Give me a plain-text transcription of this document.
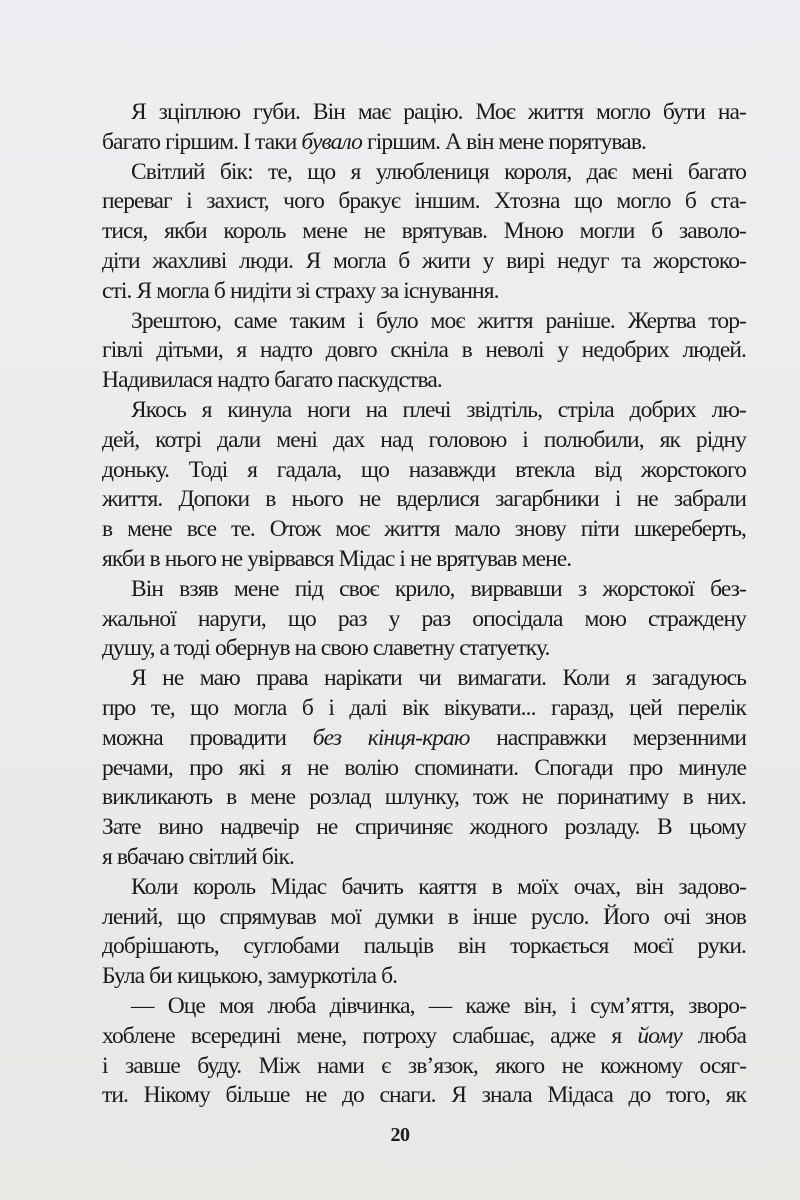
Я зціплюю губи. Він має рацію. Моє життя могло бути на-
багато гіршим. І таки бувало гіршим. А він мене порятував.
Світлий бік: те, що я улюблениця короля, дає мені багато
переваг і захист, чого бракує іншим. Хтозна що могло б ста-
тися, якби король мене не врятував. Мною могли б заволо-
діти жахливі люди. Я могла б жити у вирі недуг та жорстоко-
сті. Я могла б нидіти зі страху за існування.
Зрештою, саме таким і було моє життя раніше. Жертва тор-
гівлі дітьми, я надто довго скніла в неволі у недобрих людей.
Надивилася надто багато паскудства.
Якось я кинула ноги на плечі звідтіль, стріла добрих лю-
дей, котрі дали мені дах над головою і полюбили, як рідну
доньку. Тоді я гадала, що назавжди втекла від жорстокого
життя. Допоки в нього не вдерлися загарбники і не забрали
в мене все те. Отож моє життя мало знову піти шкереберть,
якби в нього не увірвався Мідас і не врятував мене.
Він взяв мене під своє крило, вирвавши з жорстокої без-
жальної наруги, що раз у раз опосідала мою страждену
душу, а тоді обернув на свою славетну статуетку.
Я не маю права нарікати чи вимагати. Коли я загадуюсь
про те, що могла б і далі вік вікувати... гаразд, цей перелік
можна провадити без кінця-краю насправжки мерзенними
речами, про які я не волію споминати. Спогади про минуле
викликають в мене розлад шлунку, тож не поринатиму в них.
Зате вино надвечір не спричиняє жодного розладу. В цьому
я вбачаю світлий бік.
Коли король Мідас бачить каяття в моїх очах, він задово-
лений, що спрямував мої думки в інше русло. Його очі знов
добрішають, суглобами пальців він торкається моєї руки.
Була би кицькою, замуркотіла б.
— Оце моя люба дівчинка, — каже він, і сум’яття, зворо-
хоблене всередині мене, потроху слабшає, адже я йому люба
і завше буду. Між нами є зв’язок, якого не кожному осяг-
ти. Нікому більше не до снаги. Я знала Мідаса до того, як
20
